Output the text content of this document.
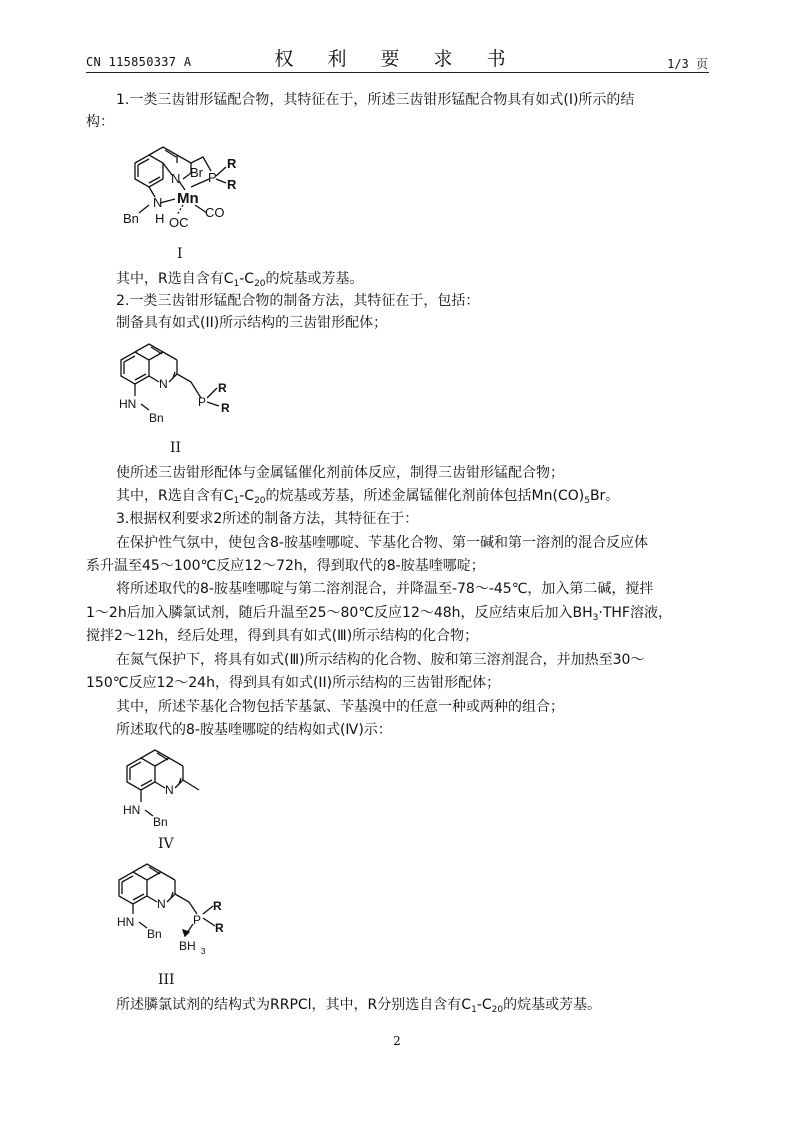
CN 115850337 A	权 利 要 求 书	1/3 页
1.一类三齿钳形锰配合物，其特征在于，所述三齿钳形锰配合物具有如式(I)所示的结
构：
N Br P
R
R
Mn
N
H
Bn OC
CO
I
其中，R选自含有$C_1-C_{20}$的烷基或芳基。
2.一类三齿钳形锰配合物的制备方法，其特征在于，包括：
制备具有如式(II)所示结构的三齿钳形配体；
N
P
R
R
HN
Bn
II
使所述三齿钳形配体与金属锰催化剂前体反应，制得三齿钳形锰配合物；
其中，R选自含有$C_1-C_{20}$的烷基或芳基，所述金属锰催化剂前体包括$Mn(CO)_5Br$。
3.根据权利要求2所述的制备方法，其特征在于：
在保护性气氛中，使包含8-胺基喹哪啶、苄基化合物、第一碱和第一溶剂的混合反应体
系升温至45～100℃反应12～72h，得到取代的8-胺基喹哪啶；
将所述取代的8-胺基喹哪啶与第二溶剂混合，并降温至-78～-45℃，加入第二碱，搅拌
1～2h后加入膦氯试剂，随后升温至25～80℃反应12～48h，反应结束后加入$BH_3\cdot THF$溶液，
搅拌2～12h，经后处理，得到具有如式(Ⅲ)所示结构的化合物；
在氮气保护下，将具有如式(Ⅲ)所示结构的化合物、胺和第三溶剂混合，并加热至30～
150℃反应12～24h，得到具有如式(II)所示结构的三齿钳形配体；
其中，所述苄基化合物包括苄基氯、苄基溴中的任意一种或两种的组合；
所述取代的8-胺基喹哪啶的结构如式(Ⅳ)示：
N
HN
Bn
IV
N
P
R
R
HN
Bn
BH 3
III
所述膦氯试剂的结构式为RRPCl，其中，R分别选自含有$C_1-C_{20}$的烷基或芳基。
2
